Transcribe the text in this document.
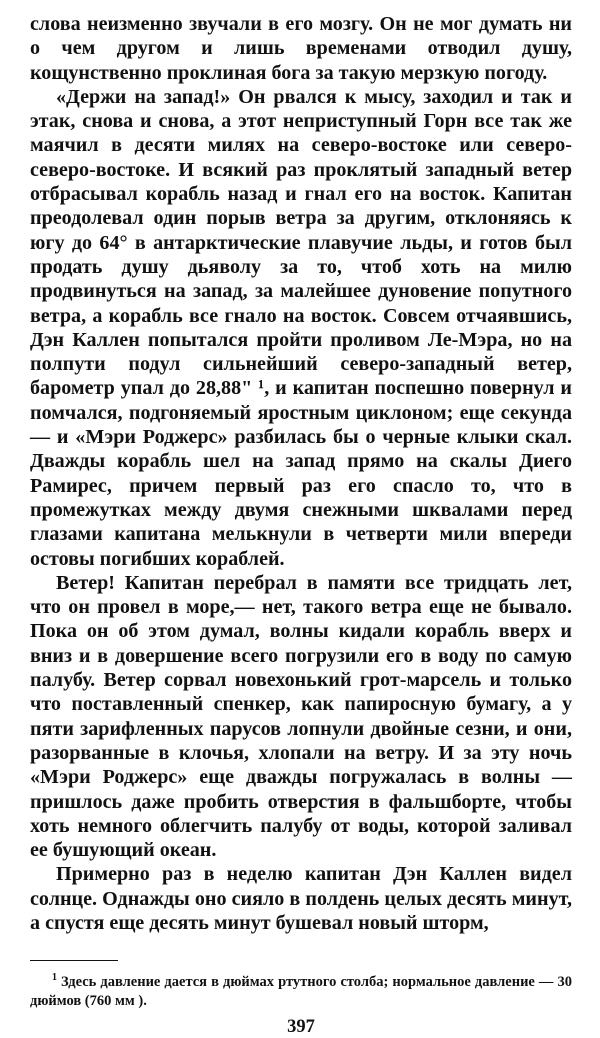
слова неизменно звучали в его мозгу. Он не мог думать ни о чем другом и лишь временами отводил душу, кощунственно проклиная бога за такую мерзкую погоду.

«Держи на запад!» Он рвался к мысу, заходил и так и этак, снова и снова, а этот неприступный Горн все так же маячил в десяти милях на северо-востоке или северо-северо-востоке. И всякий раз проклятый западный ветер отбрасывал корабль назад и гнал его на восток. Капитан преодолевал один порыв ветра за другим, отклоняясь к югу до 64° в антарктические плавучие льды, и готов был продать душу дьяволу за то, чтоб хоть на милю продвинуться на запад, за малейшее дуновение попутного ветра, а корабль все гнало на восток. Совсем отчаявшись, Дэн Каллен попытался пройти проливом Ле-Мэра, но на полпути подул сильнейший северо-западный ветер, барометр упал до 28,88" ¹, и капитан поспешно повернул и помчался, подгоняемый яростным циклоном; еще секунда — и «Мэри Роджерс» разбилась бы о черные клыки скал. Дважды корабль шел на запад прямо на скалы Диего Рамирес, причем первый раз его спасло то, что в промежутках между двумя снежными шквалами перед глазами капитана мелькнули в четверти мили впереди остовы погибших кораблей.

Ветер! Капитан перебрал в памяти все тридцать лет, что он провел в море,— нет, такого ветра еще не бывало. Пока он об этом думал, волны кидали корабль вверх и вниз и в довершение всего погрузили его в воду по самую палубу. Ветер сорвал новехонький грот-марсель и только что поставленный спенкер, как папиросную бумагу, а у пяти зарифленных парусов лопнули двойные сезни, и они, разорванные в клочья, хлопали на ветру. И за эту ночь «Мэри Роджерс» еще дважды погружалась в волны — пришлось даже пробить отверстия в фальшборте, чтобы хоть немного облегчить палубу от воды, которой заливал ее бушующий океан.

Примерно раз в неделю капитан Дэн Каллен видел солнце. Однажды оно сияло в полдень целых десять минут, а спустя еще десять минут бушевал новый шторм,

$^1$ Здесь давление дается в дюймах ртутного столба; нормальное давление — 30 дюймов (760 мм ).

397
